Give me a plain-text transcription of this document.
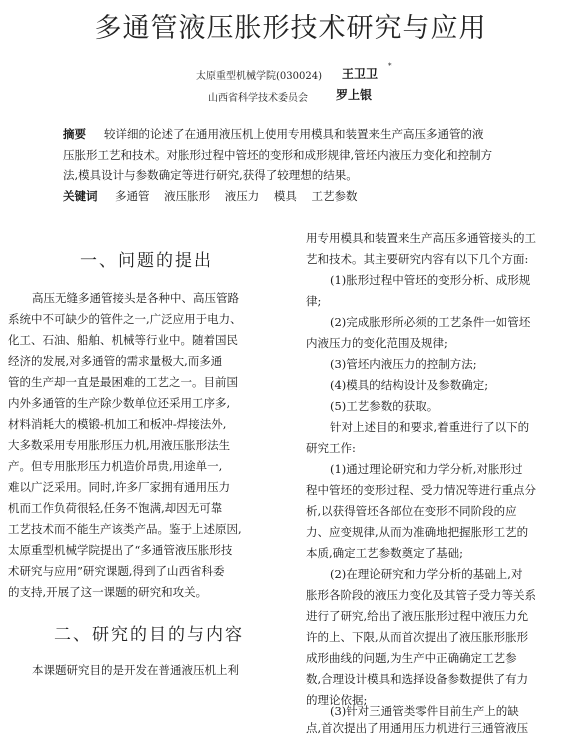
多通管液压胀形技术研究与应用
太原重型机械学院(030024) 王卫卫
*
山西省科学技术委员会 罗上银
摘要 较详细的论述了在通用液压机上使用专用模具和装置来生产高压多通管的液
压胀形工艺和技术。对胀形过程中管坯的变形和成形规律,管坯内液压力变化和控制方
法,模具设计与参数确定等进行研究,获得了较理想的结果。
关键词 多通管    液压胀形    液压力    模具    工艺参数
一、问题的提出
高压无缝多通管接头是各种中、高压管路
系统中不可缺少的管件之一,广泛应用于电力、
化工、石油、船舶、机械等行业中。随着国民
经济的发展,对多通管的需求量极大,而多通
管的生产却一直是最困难的工艺之一。目前国
内外多通管的生产除少数单位还采用工序多,
材料消耗大的模锻-机加工和板冲-焊接法外,
大多数采用专用胀形压力机,用液压胀形法生
产。但专用胀形压力机造价昂贵,用途单一,
难以广泛采用。同时,许多厂家拥有通用压力
机而工作负荷很轻,任务不饱满,却因无可靠
工艺技术而不能生产该类产品。鉴于上述原因,
太原重型机械学院提出了“多通管液压胀形技
术研究与应用”研究课题,得到了山西省科委
的支持,开展了这一课题的研究和攻关。
二、研究的目的与内容
本课题研究目的是开发在普通液压机上利
用专用模具和装置来生产高压多通管接头的工
艺和技术。其主要研究内容有以下几个方面:
(1)胀形过程中管坯的变形分析、成形规
律;
(2)完成胀形所必须的工艺条件一如管坯
内液压力的变化范围及规律;
(3)管坯内液压力的控制方法;
(4)模具的结构设计及参数确定;
(5)工艺参数的获取。
针对上述目的和要求,着重进行了以下的
研究工作:
(1)通过理论研究和力学分析,对胀形过
程中管坯的变形过程、受力情况等进行重点分
析,以获得管坯各部位在变形不同阶段的应
力、应变规律,从而为准确地把握胀形工艺的
本质,确定工艺参数奠定了基础;
(2)在理论研究和力学分析的基础上,对
胀形各阶段的液压力变化及其管子受力等关系
进行了研究,给出了液压胀形过程中液压力允
许的上、下限,从而首次提出了液压胀形胀形
成形曲线的问题,为生产中正确确定工艺参
数,合理设计模具和选择设备参数提供了有力
的理论依据;
(3)针对三通管类零件目前生产上的缺
点,首次提出了用通用压力机进行三通管液压
